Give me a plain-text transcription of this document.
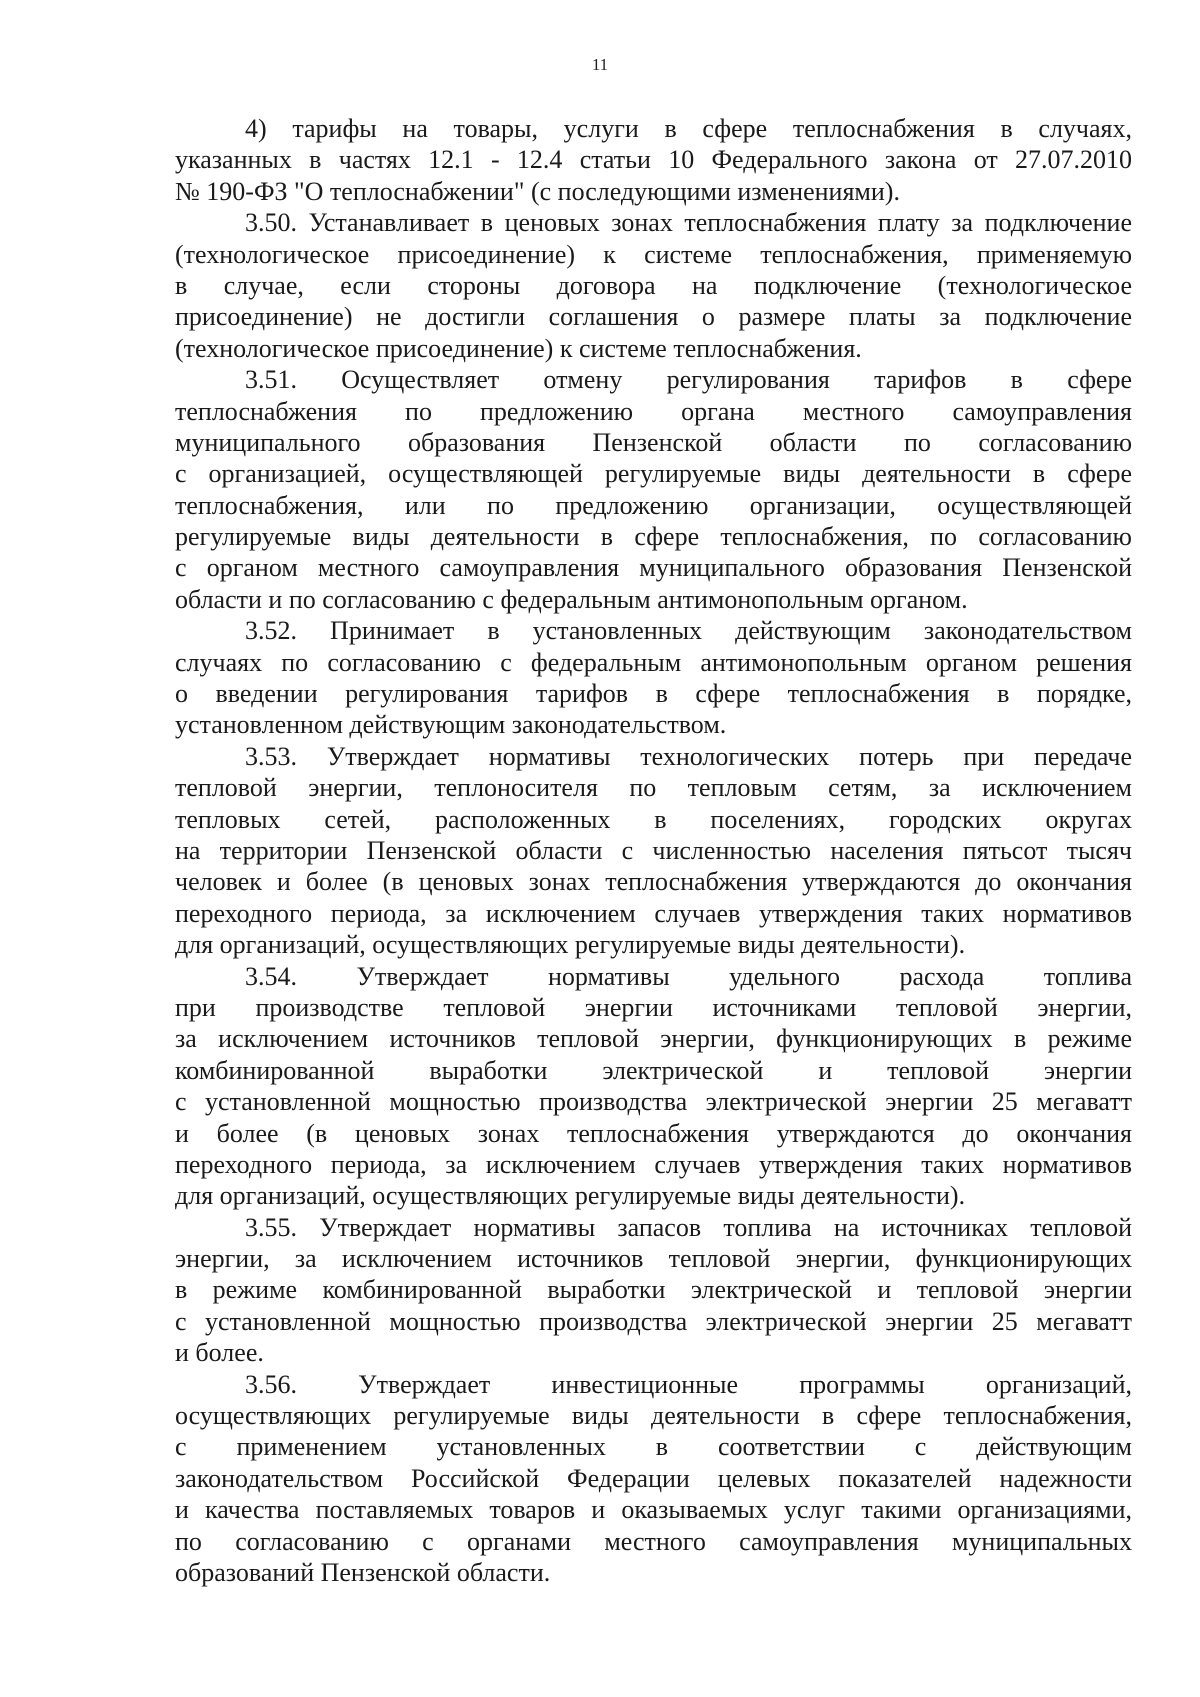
11
4) тарифы на товары, услуги в сфере теплоснабжения в случаях,
указанных в частях 12.1 - 12.4 статьи 10 Федерального закона от 27.07.2010
№ 190-ФЗ "О теплоснабжении" (с последующими изменениями).
3.50. Устанавливает в ценовых зонах теплоснабжения плату за подключение
(технологическое присоединение) к системе теплоснабжения, применяемую
в случае, если стороны договора на подключение (технологическое
присоединение) не достигли соглашения о размере платы за подключение
(технологическое присоединение) к системе теплоснабжения.
3.51. Осуществляет отмену регулирования тарифов в сфере
теплоснабжения по предложению органа местного самоуправления
муниципального образования Пензенской области по согласованию
с организацией, осуществляющей регулируемые виды деятельности в сфере
теплоснабжения, или по предложению организации, осуществляющей
регулируемые виды деятельности в сфере теплоснабжения, по согласованию
с органом местного самоуправления муниципального образования Пензенской
области и по согласованию с федеральным антимонопольным органом.
3.52. Принимает в установленных действующим законодательством
случаях по согласованию с федеральным антимонопольным органом решения
о введении регулирования тарифов в сфере теплоснабжения в порядке,
установленном действующим законодательством.
3.53. Утверждает нормативы технологических потерь при передаче
тепловой энергии, теплоносителя по тепловым сетям, за исключением
тепловых сетей, расположенных в поселениях, городских округах
на территории Пензенской области с численностью населения пятьсот тысяч
человек и более (в ценовых зонах теплоснабжения утверждаются до окончания
переходного периода, за исключением случаев утверждения таких нормативов
для организаций, осуществляющих регулируемые виды деятельности).
3.54. Утверждает нормативы удельного расхода топлива
при производстве тепловой энергии источниками тепловой энергии,
за исключением источников тепловой энергии, функционирующих в режиме
комбинированной выработки электрической и тепловой энергии
с установленной мощностью производства электрической энергии 25 мегаватт
и более (в ценовых зонах теплоснабжения утверждаются до окончания
переходного периода, за исключением случаев утверждения таких нормативов
для организаций, осуществляющих регулируемые виды деятельности).
3.55. Утверждает нормативы запасов топлива на источниках тепловой
энергии, за исключением источников тепловой энергии, функционирующих
в режиме комбинированной выработки электрической и тепловой энергии
с установленной мощностью производства электрической энергии 25 мегаватт
и более.
3.56. Утверждает инвестиционные программы организаций,
осуществляющих регулируемые виды деятельности в сфере теплоснабжения,
с применением установленных в соответствии с действующим
законодательством Российской Федерации целевых показателей надежности
и качества поставляемых товаров и оказываемых услуг такими организациями,
по согласованию с органами местного самоуправления муниципальных
образований Пензенской области.
